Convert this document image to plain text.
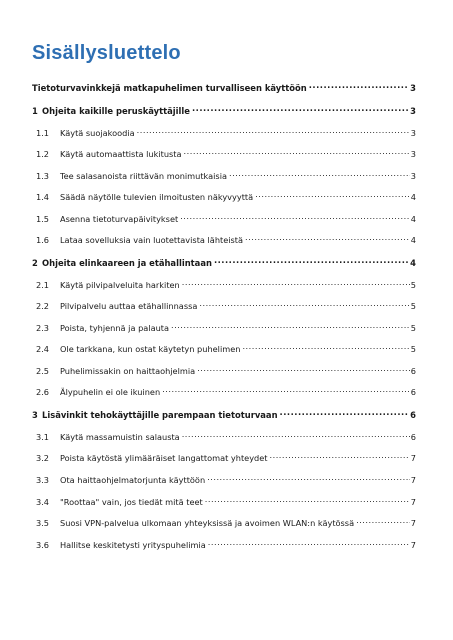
Sisällysluettelo
Tietoturvavinkkejä matkapuhelimen turvalliseen käyttöön .....	3
1 Ohjeita kaikille peruskäyttäjille .....	3
1.1	Käytä suojakoodia .....	3
1.2	Käytä automaattista lukitusta .....	3
1.3	Tee salasanoista riittävän monimutkaisia .....	3
1.4	Säädä näytölle tulevien ilmoitusten näkyvyyttä .....	4
1.5	Asenna tietoturvapäivitykset .....	4
1.6	Lataa sovelluksia vain luotettavista lähteistä .....	4
2 Ohjeita elinkaareen ja etähallintaan .....	4
2.1	Käytä pilvipalveluita harkiten .....	5
2.2	Pilvipalvelu auttaa etähallinnassa .....	5
2.3	Poista, tyhjennä ja palauta .....	5
2.4	Ole tarkkana, kun ostat käytetyn puhelimen .....	5
2.5	Puhelimissakin on haittaohjelmia .....	6
2.6	Älypuhelin ei ole ikuinen .....	6
3 Lisävinkit tehokäyttäjille parempaan tietoturvaan .....	6
3.1	Käytä massamuistin salausta .....	6
3.2	Poista käytöstä ylimääräiset langattomat yhteydet .....	7
3.3	Ota haittaohjelmatorjunta käyttöön .....	7
3.4	"Roottaa" vain, jos tiedät mitä teet .....	7
3.5	Suosi VPN-palvelua ulkomaan yhteyksissä ja avoimen WLAN:n käytössä .....	7
3.6	Hallitse keskitetysti yrityspuhelimia .....	7
